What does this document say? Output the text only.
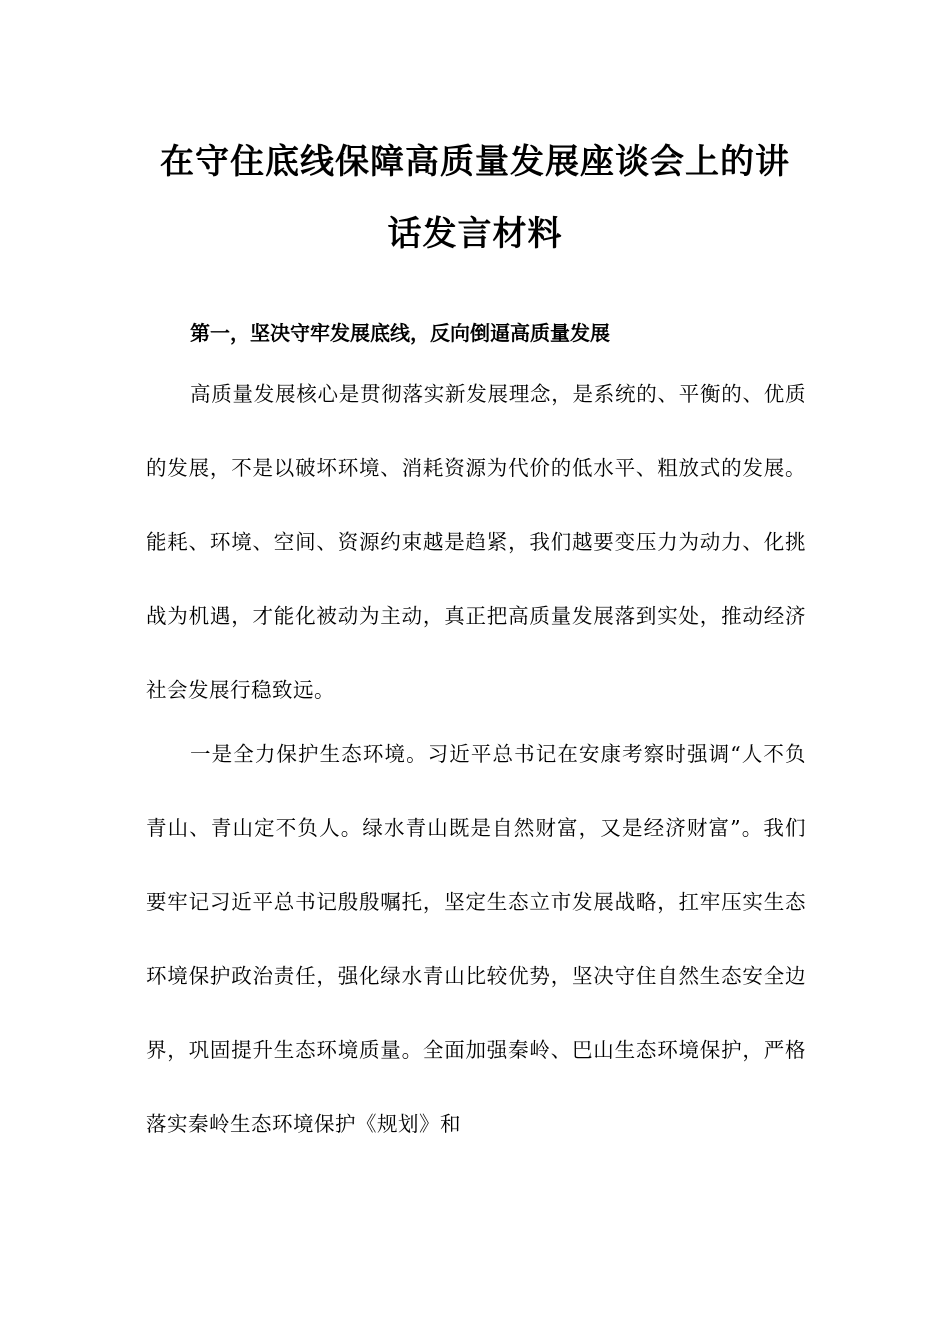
在守住底线保障高质量发展座谈会上的讲
话发言材料
第一，坚决守牢发展底线，反向倒逼高质量发展

高质量发展核心是贯彻落实新发展理念，是系统的、平衡的、优质的发展，不是以破坏环境、消耗资源为代价的低水平、粗放式的发展。能耗、环境、空间、资源约束越是趋紧，我们越要变压力为动力、化挑战为机遇，才能化被动为主动，真正把高质量发展落到实处，推动经济社会发展行稳致远。

一是全力保护生态环境。习近平总书记在安康考察时强调“人不负青山、青山定不负人。绿水青山既是自然财富，又是经济财富”。我们要牢记习近平总书记殷殷嘱托，坚定生态立市发展战略，扛牢压实生态环境保护政治责任，强化绿水青山比较优势，坚决守住自然生态安全边界，巩固提升生态环境质量。全面加强秦岭、巴山生态环境保护，严格落实秦岭生态环境保护《规划》和
